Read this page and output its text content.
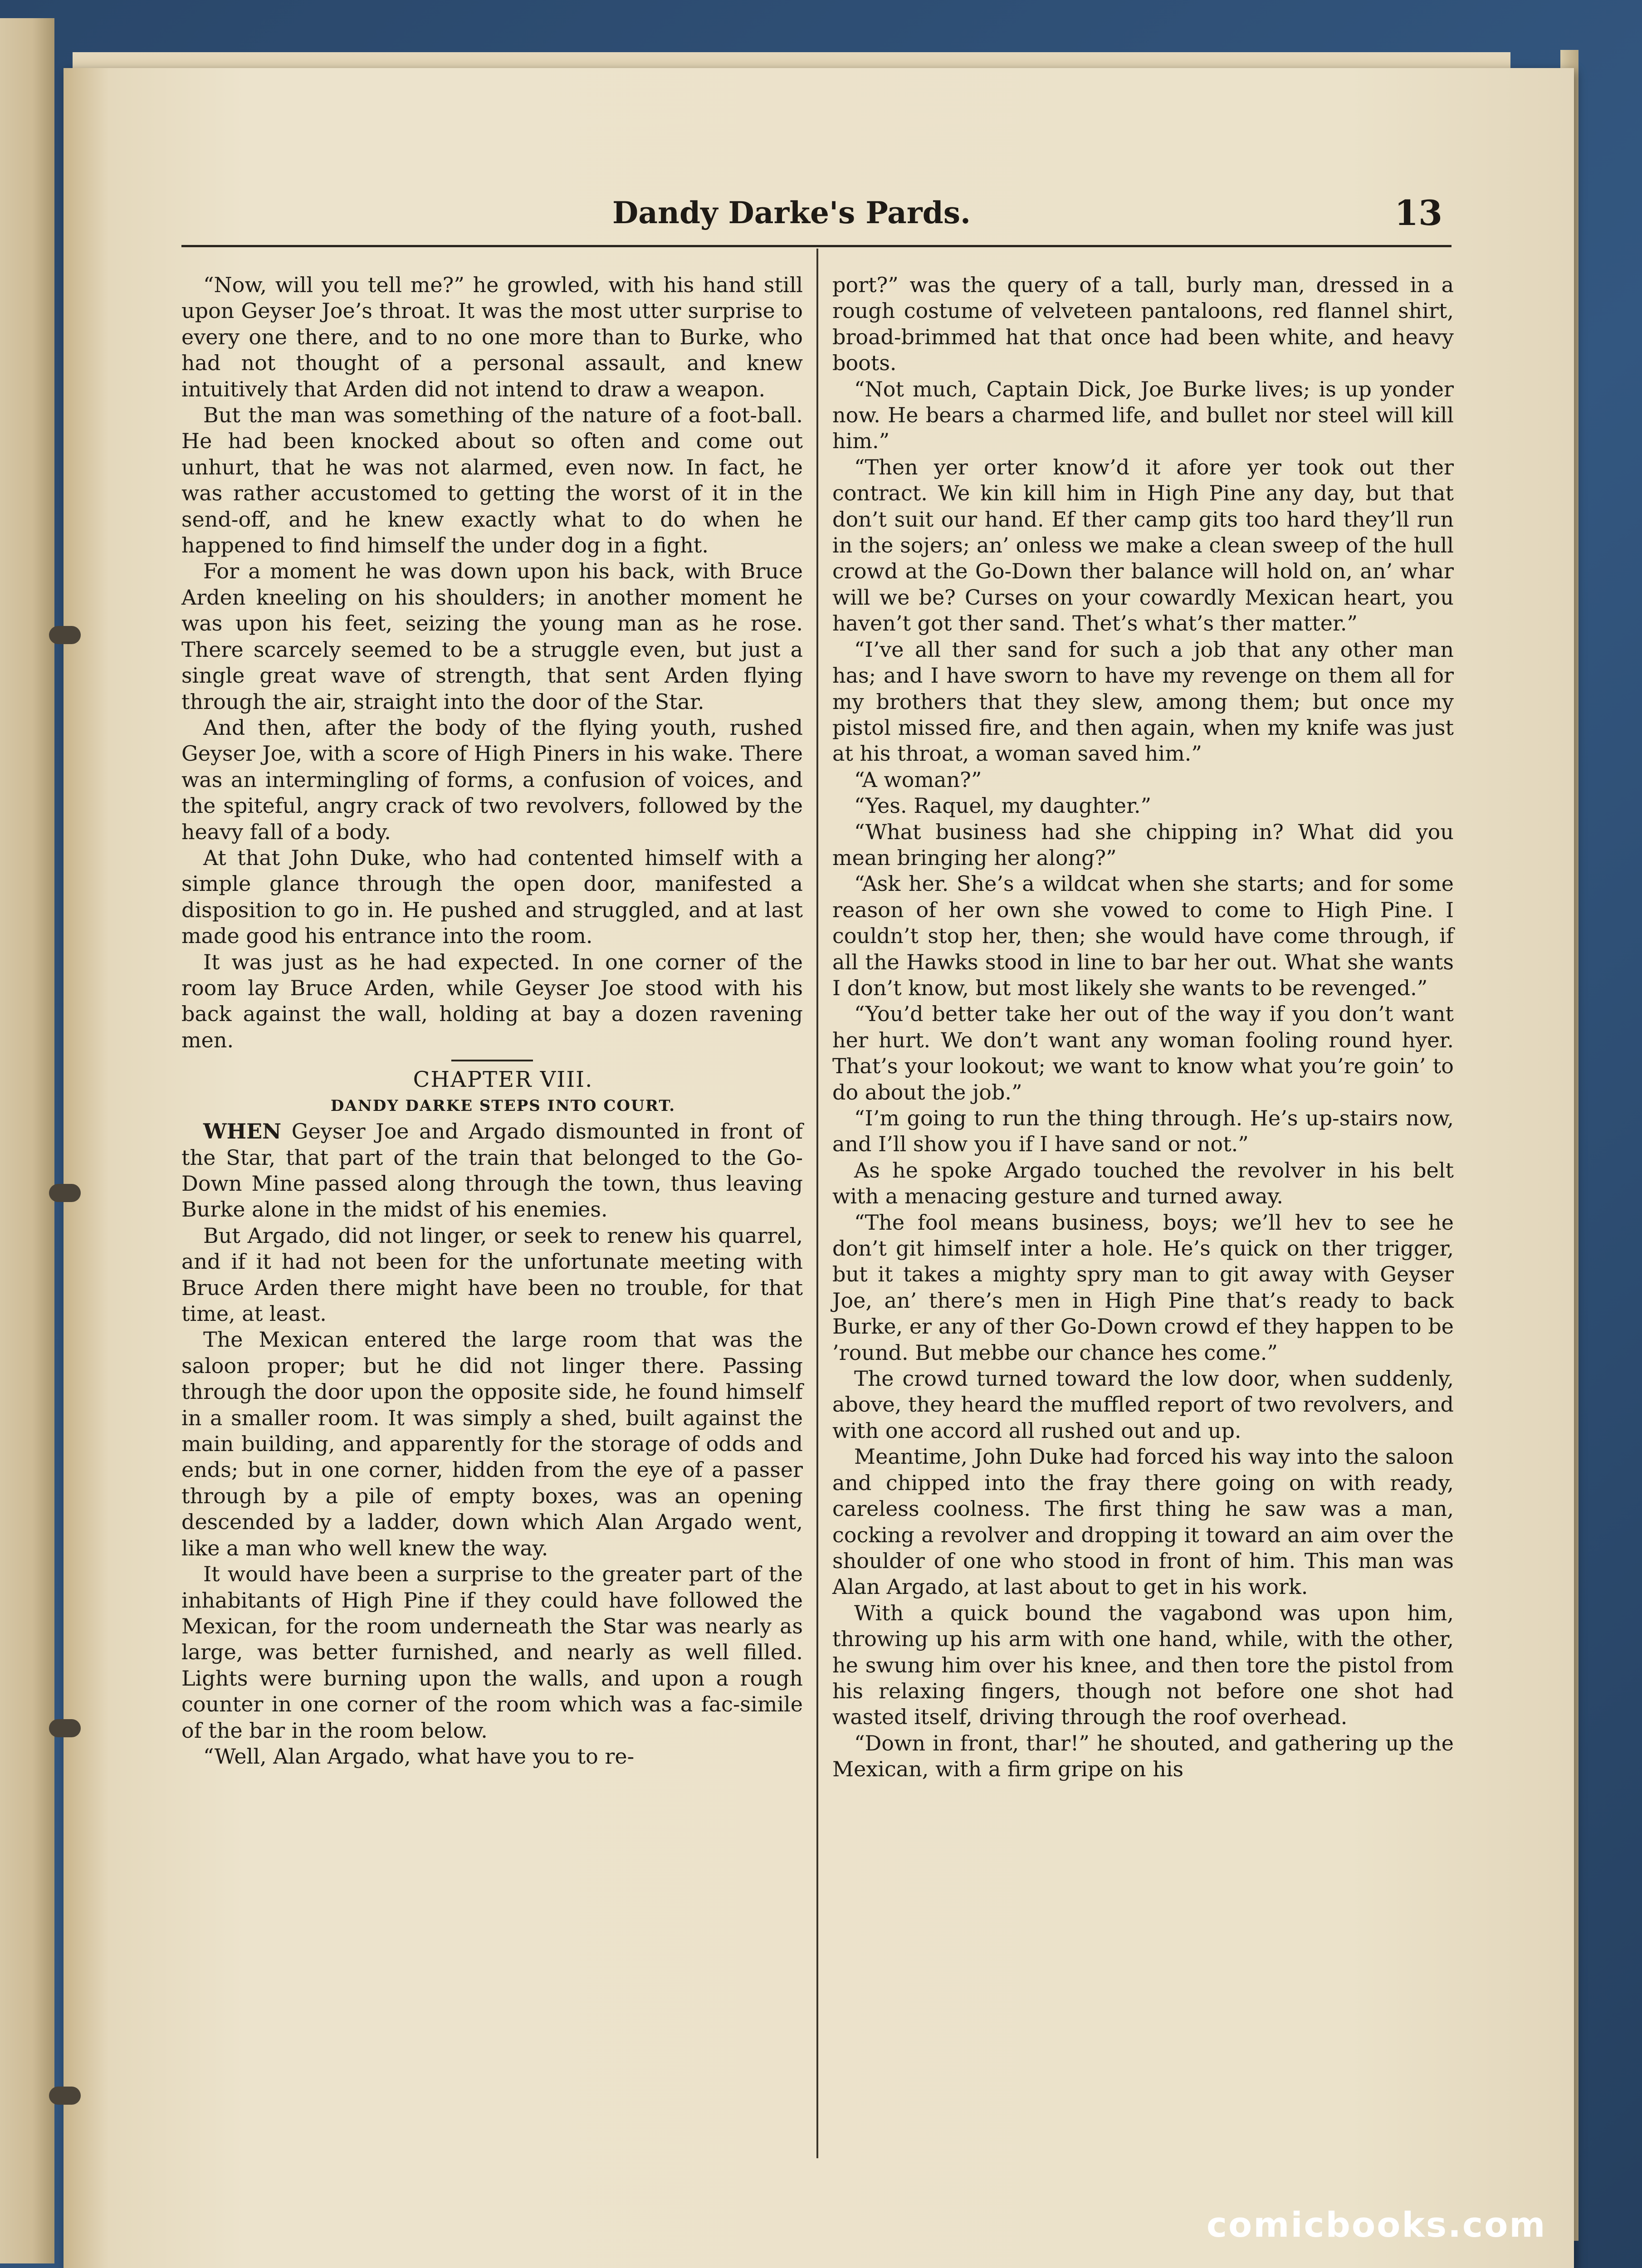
Dandy Darke's Pards.	13

“Now, will you tell me?” he growled, with his hand still upon Geyser Joe’s throat. It was the most utter surprise to every one there, and to no one more than to Burke, who had not thought of a personal assault, and knew intuitively that Arden did not intend to draw a weapon.

But the man was something of the nature of a foot-ball. He had been knocked about so often and come out unhurt, that he was not alarmed, even now. In fact, he was rather accustomed to getting the worst of it in the send-off, and he knew exactly what to do when he happened to find himself the under dog in a fight.

For a moment he was down upon his back, with Bruce Arden kneeling on his shoulders; in another moment he was upon his feet, seizing the young man as he rose. There scarcely seemed to be a struggle even, but just a single great wave of strength, that sent Arden flying through the air, straight into the door of the Star.

And then, after the body of the flying youth, rushed Geyser Joe, with a score of High Piners in his wake. There was an intermingling of forms, a confusion of voices, and the spiteful, angry crack of two revolvers, followed by the heavy fall of a body.

At that John Duke, who had contented himself with a simple glance through the open door, manifested a disposition to go in. He pushed and struggled, and at last made good his entrance into the room.

It was just as he had expected. In one corner of the room lay Bruce Arden, while Geyser Joe stood with his back against the wall, holding at bay a dozen ravening men.

CHAPTER VIII.

DANDY DARKE STEPS INTO COURT.

WHEN Geyser Joe and Argado dismounted in front of the Star, that part of the train that belonged to the Go-Down Mine passed along through the town, thus leaving Burke alone in the midst of his enemies.

But Argado, did not linger, or seek to renew his quarrel, and if it had not been for the unfortunate meeting with Bruce Arden there might have been no trouble, for that time, at least.

The Mexican entered the large room that was the saloon proper; but he did not linger there. Passing through the door upon the opposite side, he found himself in a smaller room. It was simply a shed, built against the main building, and apparently for the storage of odds and ends; but in one corner, hidden from the eye of a passer through by a pile of empty boxes, was an opening descended by a ladder, down which Alan Argado went, like a man who well knew the way.

It would have been a surprise to the greater part of the inhabitants of High Pine if they could have followed the Mexican, for the room underneath the Star was nearly as large, was better furnished, and nearly as well filled. Lights were burning upon the walls, and upon a rough counter in one corner of the room which was a fac-simile of the bar in the room below.

“Well, Alan Argado, what have you to re-

port?” was the query of a tall, burly man, dressed in a rough costume of velveteen pantaloons, red flannel shirt, broad-brimmed hat that once had been white, and heavy boots.

“Not much, Captain Dick, Joe Burke lives; is up yonder now. He bears a charmed life, and bullet nor steel will kill him.”

“Then yer orter know’d it afore yer took out ther contract. We kin kill him in High Pine any day, but that don’t suit our hand. Ef ther camp gits too hard they’ll run in the sojers; an’ onless we make a clean sweep of the hull crowd at the Go-Down ther balance will hold on, an’ whar will we be? Curses on your cowardly Mexican heart, you haven’t got ther sand. Thet’s what’s ther matter.”

“I’ve all ther sand for such a job that any other man has; and I have sworn to have my revenge on them all for my brothers that they slew, among them; but once my pistol missed fire, and then again, when my knife was just at his throat, a woman saved him.”

“A woman?”

“Yes. Raquel, my daughter.”

“What business had she chipping in? What did you mean bringing her along?”

“Ask her. She’s a wildcat when she starts; and for some reason of her own she vowed to come to High Pine. I couldn’t stop her, then; she would have come through, if all the Hawks stood in line to bar her out. What she wants I don’t know, but most likely she wants to be revenged.”

“You’d better take her out of the way if you don’t want her hurt. We don’t want any woman fooling round hyer. That’s your lookout; we want to know what you’re goin’ to do about the job.”

“I’m going to run the thing through. He’s up-stairs now, and I’ll show you if I have sand or not.”

As he spoke Argado touched the revolver in his belt with a menacing gesture and turned away.

“The fool means business, boys; we’ll hev to see he don’t git himself inter a hole. He’s quick on ther trigger, but it takes a mighty spry man to git away with Geyser Joe, an’ there’s men in High Pine that’s ready to back Burke, er any of ther Go-Down crowd ef they happen to be ’round. But mebbe our chance hes come.”

The crowd turned toward the low door, when suddenly, above, they heard the muffled report of two revolvers, and with one accord all rushed out and up.

Meantime, John Duke had forced his way into the saloon and chipped into the fray there going on with ready, careless coolness. The first thing he saw was a man, cocking a revolver and dropping it toward an aim over the shoulder of one who stood in front of him. This man was Alan Argado, at last about to get in his work.

With a quick bound the vagabond was upon him, throwing up his arm with one hand, while, with the other, he swung him over his knee, and then tore the pistol from his relaxing fingers, though not before one shot had wasted itself, driving through the roof overhead.

“Down in front, thar!” he shouted, and gathering up the Mexican, with a firm gripe on his

comicbooks.com
